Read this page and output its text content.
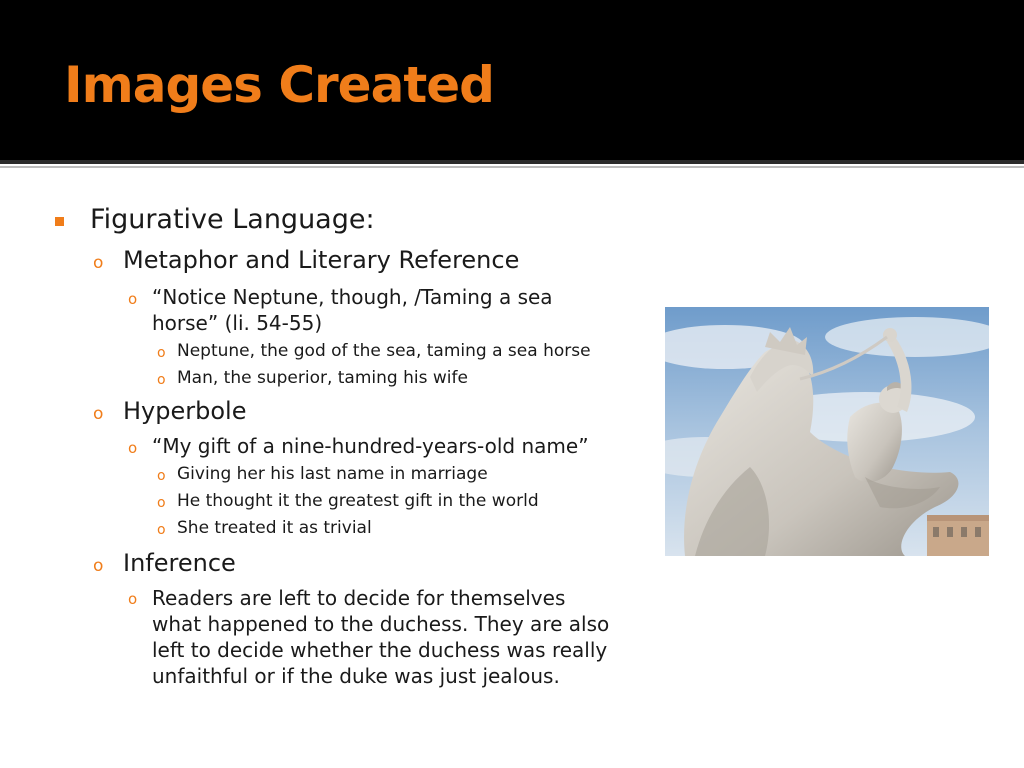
Images Created
Figurative Language:
o Metaphor and Literary Reference
o “Notice Neptune, though, /Taming a sea
horse” (li. 54-55)
o Neptune, the god of the sea, taming a sea horse
o Man, the superior, taming his wife
o Hyperbole
o “My gift of a nine-hundred-years-old name”
o Giving her his last name in marriage
o He thought it the greatest gift in the world
o She treated it as trivial
o Inference
o Readers are left to decide for themselves
what happened to the duchess. They are also
left to decide whether the duchess was really
unfaithful or if the duke was just jealous.
